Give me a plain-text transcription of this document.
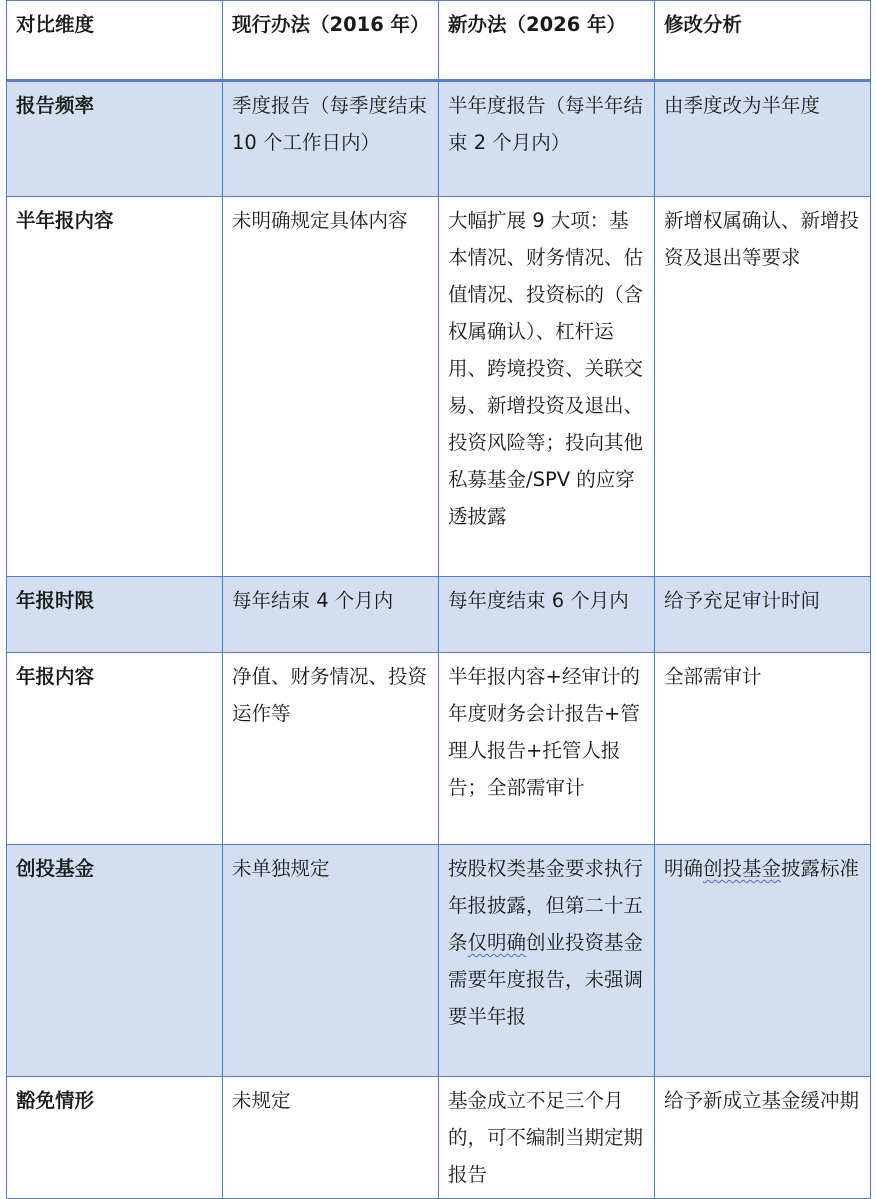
对比维度	现行办法（2016 年）	新办法（2026 年）	修改分析
报告频率	季度报告（每季度结束 10 个工作日内）	半年度报告（每半年结束 2 个月内）	由季度改为半年度
半年报内容	未明确规定具体内容	大幅扩展 9 大项：基本情况、财务情况、估值情况、投资标的（含权属确认）、杠杆运用、跨境投资、关联交易、新增投资及退出、投资风险等；投向其他私募基金/SPV 的应穿透披露	新增权属确认、新增投资及退出等要求
年报时限	每年结束 4 个月内	每年度结束 6 个月内	给予充足审计时间
年报内容	净值、财务情况、投资运作等	半年报内容+经审计的年度财务会计报告+管理人报告+托管人报告；全部需审计	全部需审计
创投基金	未单独规定	按股权类基金要求执行年报披露，但第二十五条仅明确创业投资基金需要年度报告，未强调要半年报	明确创投基金披露标准
豁免情形	未规定	基金成立不足三个月的，可不编制当期定期报告	给予新成立基金缓冲期
